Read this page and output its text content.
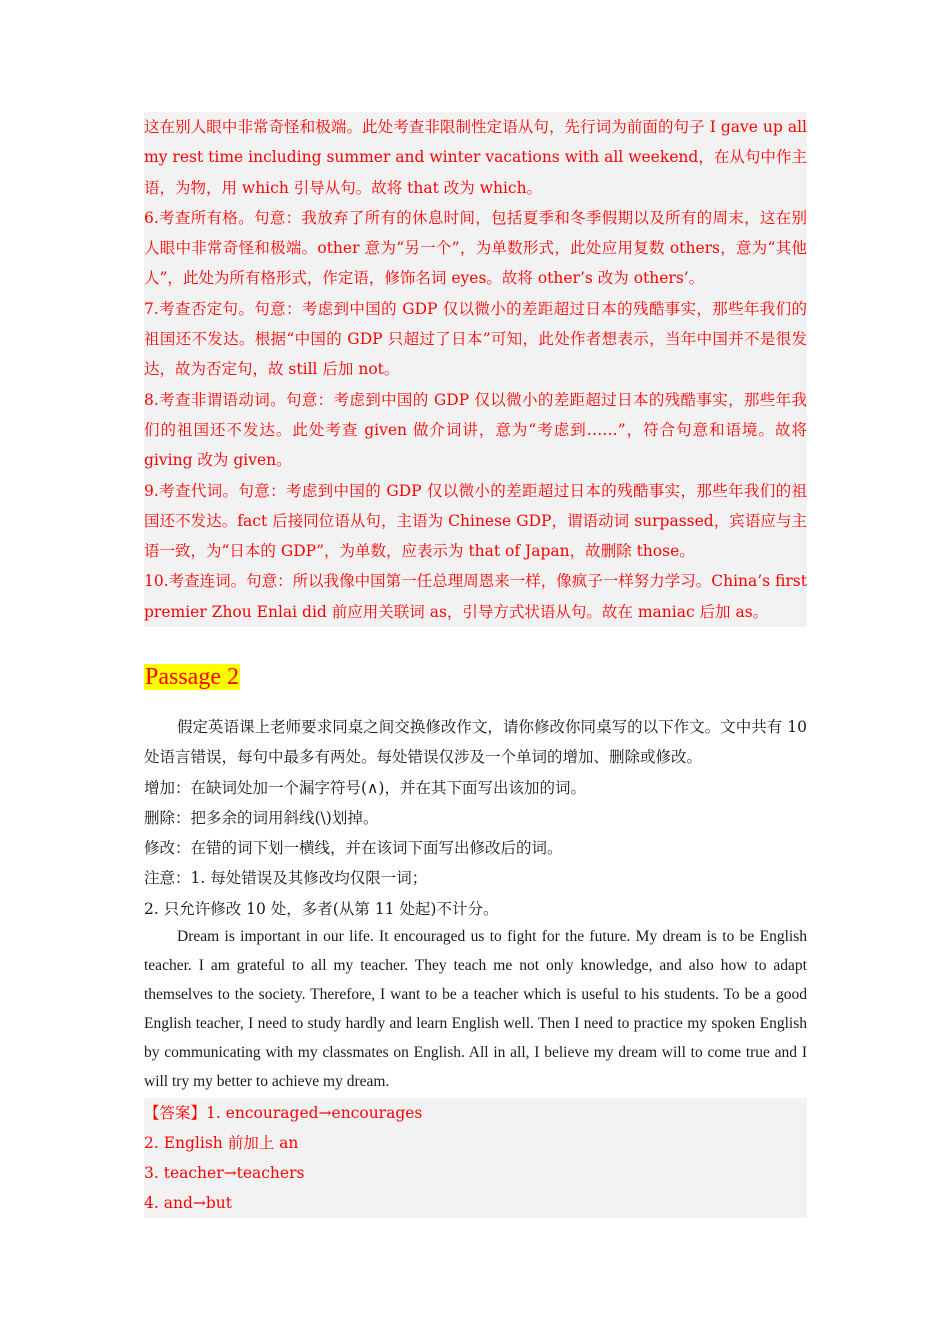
这在别人眼中非常奇怪和极端。此处考查非限制性定语从句，先行词为前面的句子 I gave up all my rest time including summer and winter vacations with all weekend，在从句中作主语，为物，用 which 引导从句。故将 that 改为 which。

6.考查所有格。句意：我放弃了所有的休息时间，包括夏季和冬季假期以及所有的周末，这在别人眼中非常奇怪和极端。other 意为“另一个”，为单数形式，此处应用复数 others，意为“其他人”，此处为所有格形式，作定语，修饰名词 eyes。故将 other’s 改为 others’。

7.考查否定句。句意：考虑到中国的 GDP 仅以微小的差距超过日本的残酷事实，那些年我们的祖国还不发达。根据“中国的 GDP 只超过了日本”可知，此处作者想表示，当年中国并不是很发达，故为否定句，故 still 后加 not。

8.考查非谓语动词。句意：考虑到中国的 GDP 仅以微小的差距超过日本的残酷事实，那些年我们的祖国还不发达。此处考查 given 做介词讲，意为“考虑到……”，符合句意和语境。故将 giving 改为 given。

9.考查代词。句意：考虑到中国的 GDP 仅以微小的差距超过日本的残酷事实，那些年我们的祖国还不发达。fact 后接同位语从句，主语为 Chinese GDP，谓语动词 surpassed，宾语应与主语一致，为“日本的 GDP”，为单数，应表示为 that of Japan，故删除 those。

10.考查连词。句意：所以我像中国第一任总理周恩来一样，像疯子一样努力学习。China’s first premier Zhou Enlai did 前应用关联词 as，引导方式状语从句。故在 maniac 后加 as。

Passage 2

假定英语课上老师要求同桌之间交换修改作文，请你修改你同桌写的以下作文。文中共有 10 处语言错误，每句中最多有两处。每处错误仅涉及一个单词的增加、删除或修改。

增加：在缺词处加一个漏字符号(∧)，并在其下面写出该加的词。

删除：把多余的词用斜线(\)划掉。

修改：在错的词下划一横线，并在该词下面写出修改后的词。

注意：1. 每处错误及其修改均仅限一词；

2. 只允许修改 10 处，多者(从第 11 处起)不计分。

Dream is important in our life. It encouraged us to fight for the future. My dream is to be English teacher. I am grateful to all my teacher. They teach me not only knowledge, and also how to adapt themselves to the society. Therefore, I want to be a teacher which is useful to his students. To be a good English teacher, I need to study hardly and learn English well. Then I need to practice my spoken English by communicating with my classmates on English. All in all, I believe my dream will to come true and I will try my better to achieve my dream.

【答案】1. encouraged→encourages

2. English 前加上 an

3. teacher→teachers

4. and→but
